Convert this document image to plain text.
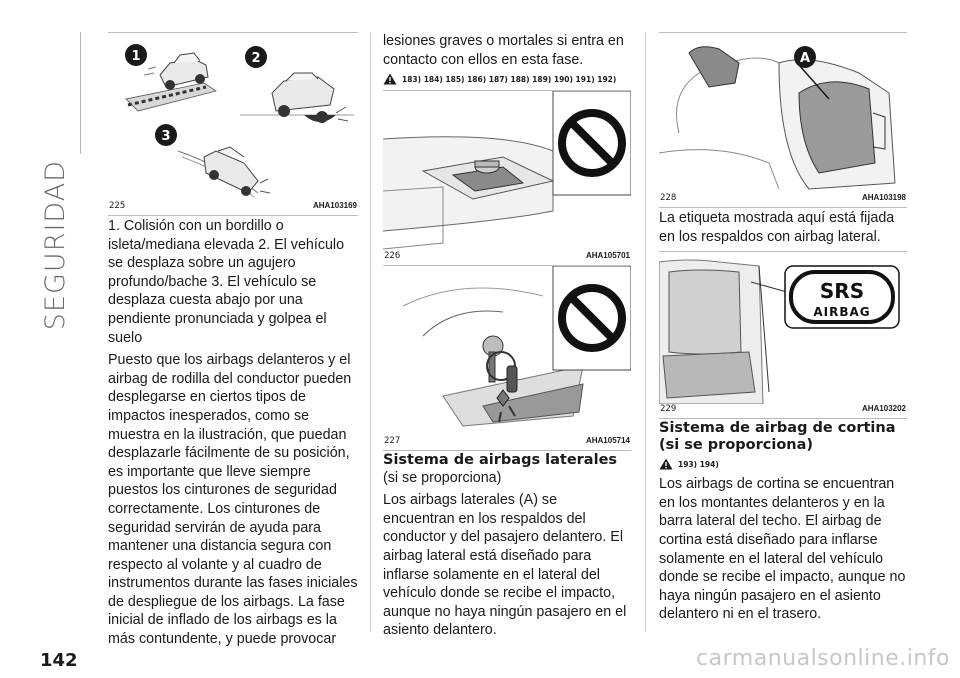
SEGURIDAD
1	2
3
225	AHA103169

1. Colisión con un bordillo o isleta/mediana elevada 2. El vehículo se desplaza sobre un agujero profundo/bache 3. El vehículo se desplaza cuesta abajo por una pendiente pronunciada y golpea el suelo

Puesto que los airbags delanteros y el airbag de rodilla del conductor pueden desplegarse en ciertos tipos de impactos inesperados, como se muestra en la ilustración, que puedan desplazarle fácilmente de su posición, es importante que lleve siempre puestos los cinturones de seguridad correctamente. Los cinturones de seguridad servirán de ayuda para mantener una distancia segura con respecto al volante y al cuadro de instrumentos durante las fases iniciales de despliegue de los airbags. La fase inicial de inflado de los airbags es la más contundente, y puede provocar

lesiones graves o mortales si entra en contacto con ellos en esta fase.

183) 184) 185) 186) 187) 188) 189) 190) 191) 192)
226	AHA105701
227	AHA105714
Sistema de airbags laterales
(si se proporciona)

Los airbags laterales (A) se encuentran en los respaldos del conductor y del pasajero delantero. El airbag lateral está diseñado para inflarse solamente en el lateral del vehículo donde se recibe el impacto, aunque no haya ningún pasajero en el asiento delantero.

A
228	AHA103198

La etiqueta mostrada aquí está fijada en los respaldos con airbag lateral.

SRS
AIRBAG
229	AHA103202
Sistema de airbag de cortina (si se proporciona)
193) 194)

Los airbags de cortina se encuentran en los montantes delanteros y en la barra lateral del techo. El airbag de cortina está diseñado para inflarse solamente en el lateral del vehículo donde se recibe el impacto, aunque no haya ningún pasajero en el asiento delantero ni en el trasero.

142	carmanualsonline.info
